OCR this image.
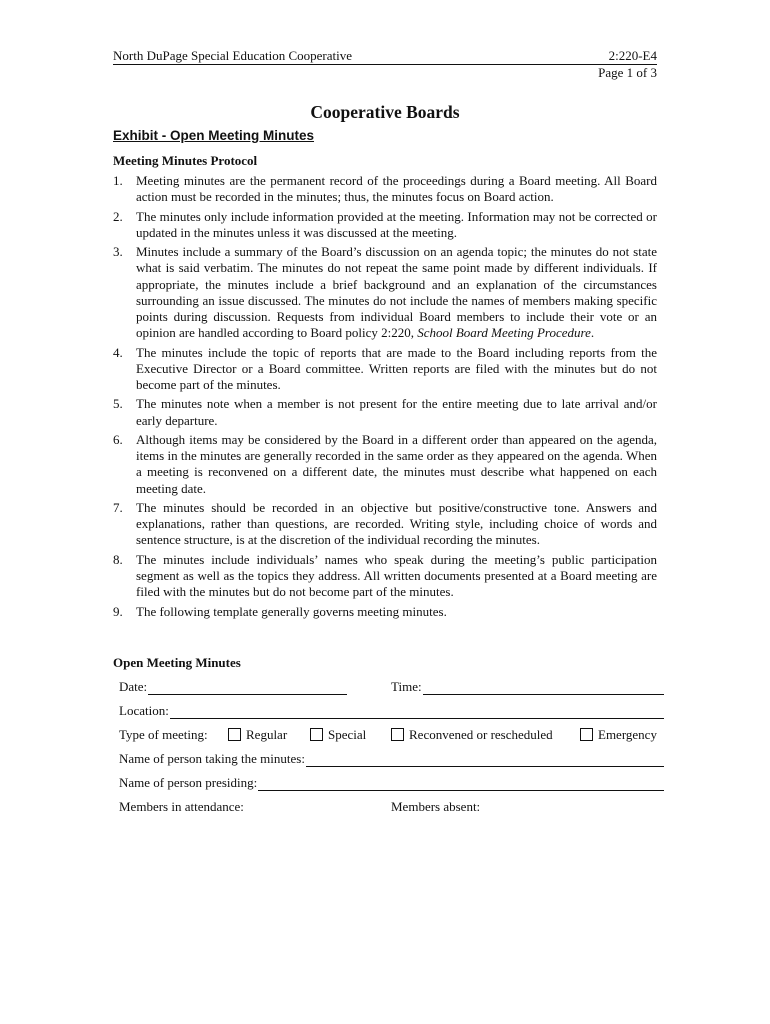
North DuPage Special Education Cooperative	2:220-E4
Page 1 of 3
Cooperative Boards
Exhibit - Open Meeting Minutes
Meeting Minutes Protocol
1. Meeting minutes are the permanent record of the proceedings during a Board meeting. All Board action must be recorded in the minutes; thus, the minutes focus on Board action.
2. The minutes only include information provided at the meeting. Information may not be corrected or updated in the minutes unless it was discussed at the meeting.
3. Minutes include a summary of the Board’s discussion on an agenda topic; the minutes do not state what is said verbatim. The minutes do not repeat the same point made by different individuals. If appropriate, the minutes include a brief background and an explanation of the circumstances surrounding an issue discussed. The minutes do not include the names of members making specific points during discussion. Requests from individual Board members to include their vote or an opinion are handled according to Board policy 2:220, School Board Meeting Procedure.
4. The minutes include the topic of reports that are made to the Board including reports from the Executive Director or a Board committee. Written reports are filed with the minutes but do not become part of the minutes.
5. The minutes note when a member is not present for the entire meeting due to late arrival and/or early departure.
6. Although items may be considered by the Board in a different order than appeared on the agenda, items in the minutes are generally recorded in the same order as they appeared on the agenda. When a meeting is reconvened on a different date, the minutes must describe what happened on each meeting date.
7. The minutes should be recorded in an objective but positive/constructive tone. Answers and explanations, rather than questions, are recorded. Writing style, including choice of words and sentence structure, is at the discretion of the individual recording the minutes.
8. The minutes include individuals’ names who speak during the meeting’s public participation segment as well as the topics they address. All written documents presented at a Board meeting are filed with the minutes but do not become part of the minutes.
9. The following template generally governs meeting minutes.
Open Meeting Minutes
Date:	Time:
Location:
Type of meeting:	Regular	Special	Reconvened or rescheduled	Emergency
Name of person taking the minutes:
Name of person presiding:
Members in attendance:	Members absent:
